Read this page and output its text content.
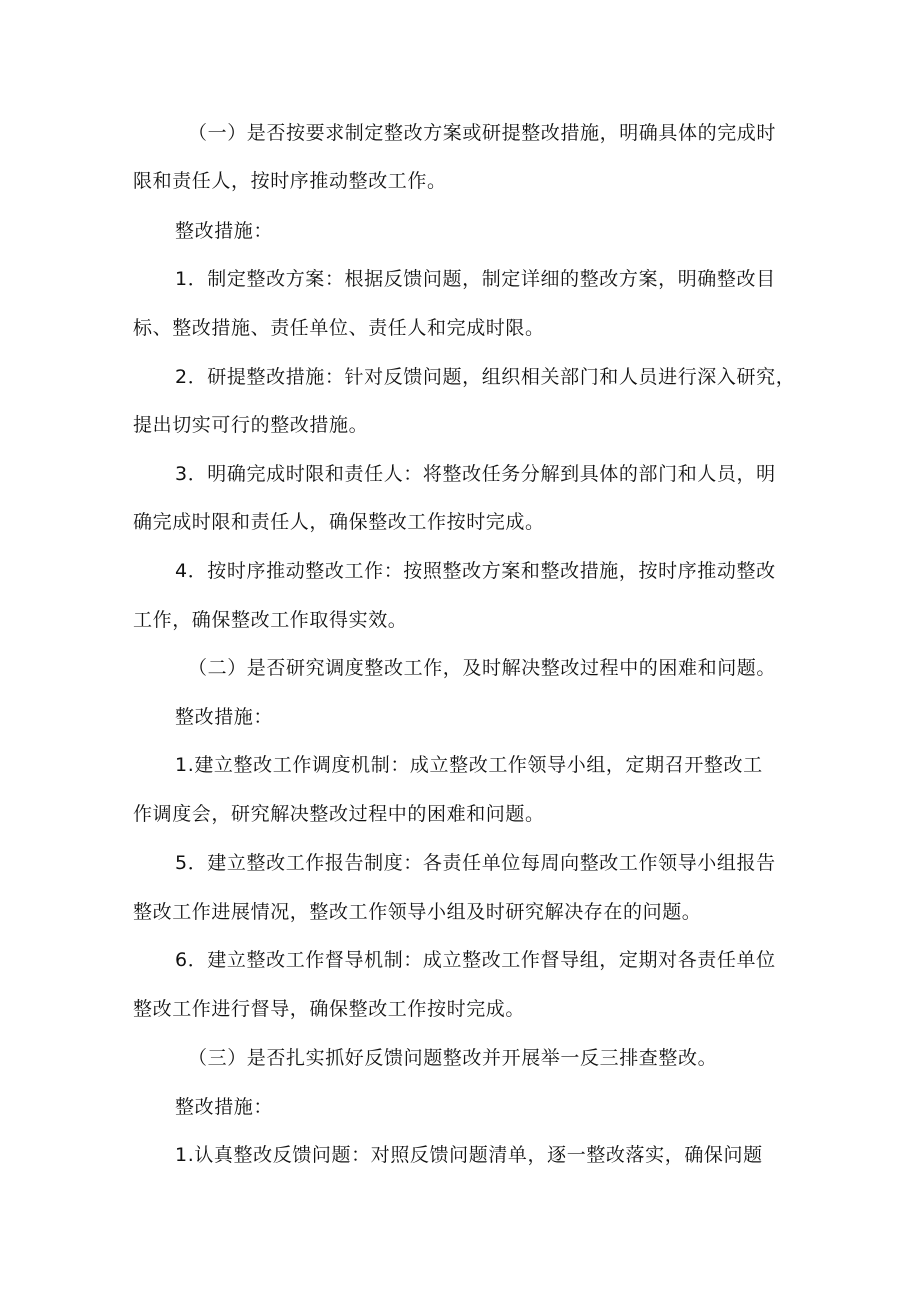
（一）是否按要求制定整改方案或研提整改措施，明确具体的完成时
限和责任人，按时序推动整改工作。
整改措施：
1．制定整改方案：根据反馈问题，制定详细的整改方案，明确整改目
标、整改措施、责任单位、责任人和完成时限。
2．研提整改措施：针对反馈问题，组织相关部门和人员进行深入研究，
提出切实可行的整改措施。
3．明确完成时限和责任人：将整改任务分解到具体的部门和人员，明
确完成时限和责任人，确保整改工作按时完成。
4．按时序推动整改工作：按照整改方案和整改措施，按时序推动整改
工作，确保整改工作取得实效。
（二）是否研究调度整改工作，及时解决整改过程中的困难和问题。
整改措施：
1.建立整改工作调度机制：成立整改工作领导小组，定期召开整改工
作调度会，研究解决整改过程中的困难和问题。
5．建立整改工作报告制度：各责任单位每周向整改工作领导小组报告
整改工作进展情况，整改工作领导小组及时研究解决存在的问题。
6．建立整改工作督导机制：成立整改工作督导组，定期对各责任单位
整改工作进行督导，确保整改工作按时完成。
（三）是否扎实抓好反馈问题整改并开展举一反三排查整改。
整改措施：
1.认真整改反馈问题：对照反馈问题清单，逐一整改落实，确保问题
